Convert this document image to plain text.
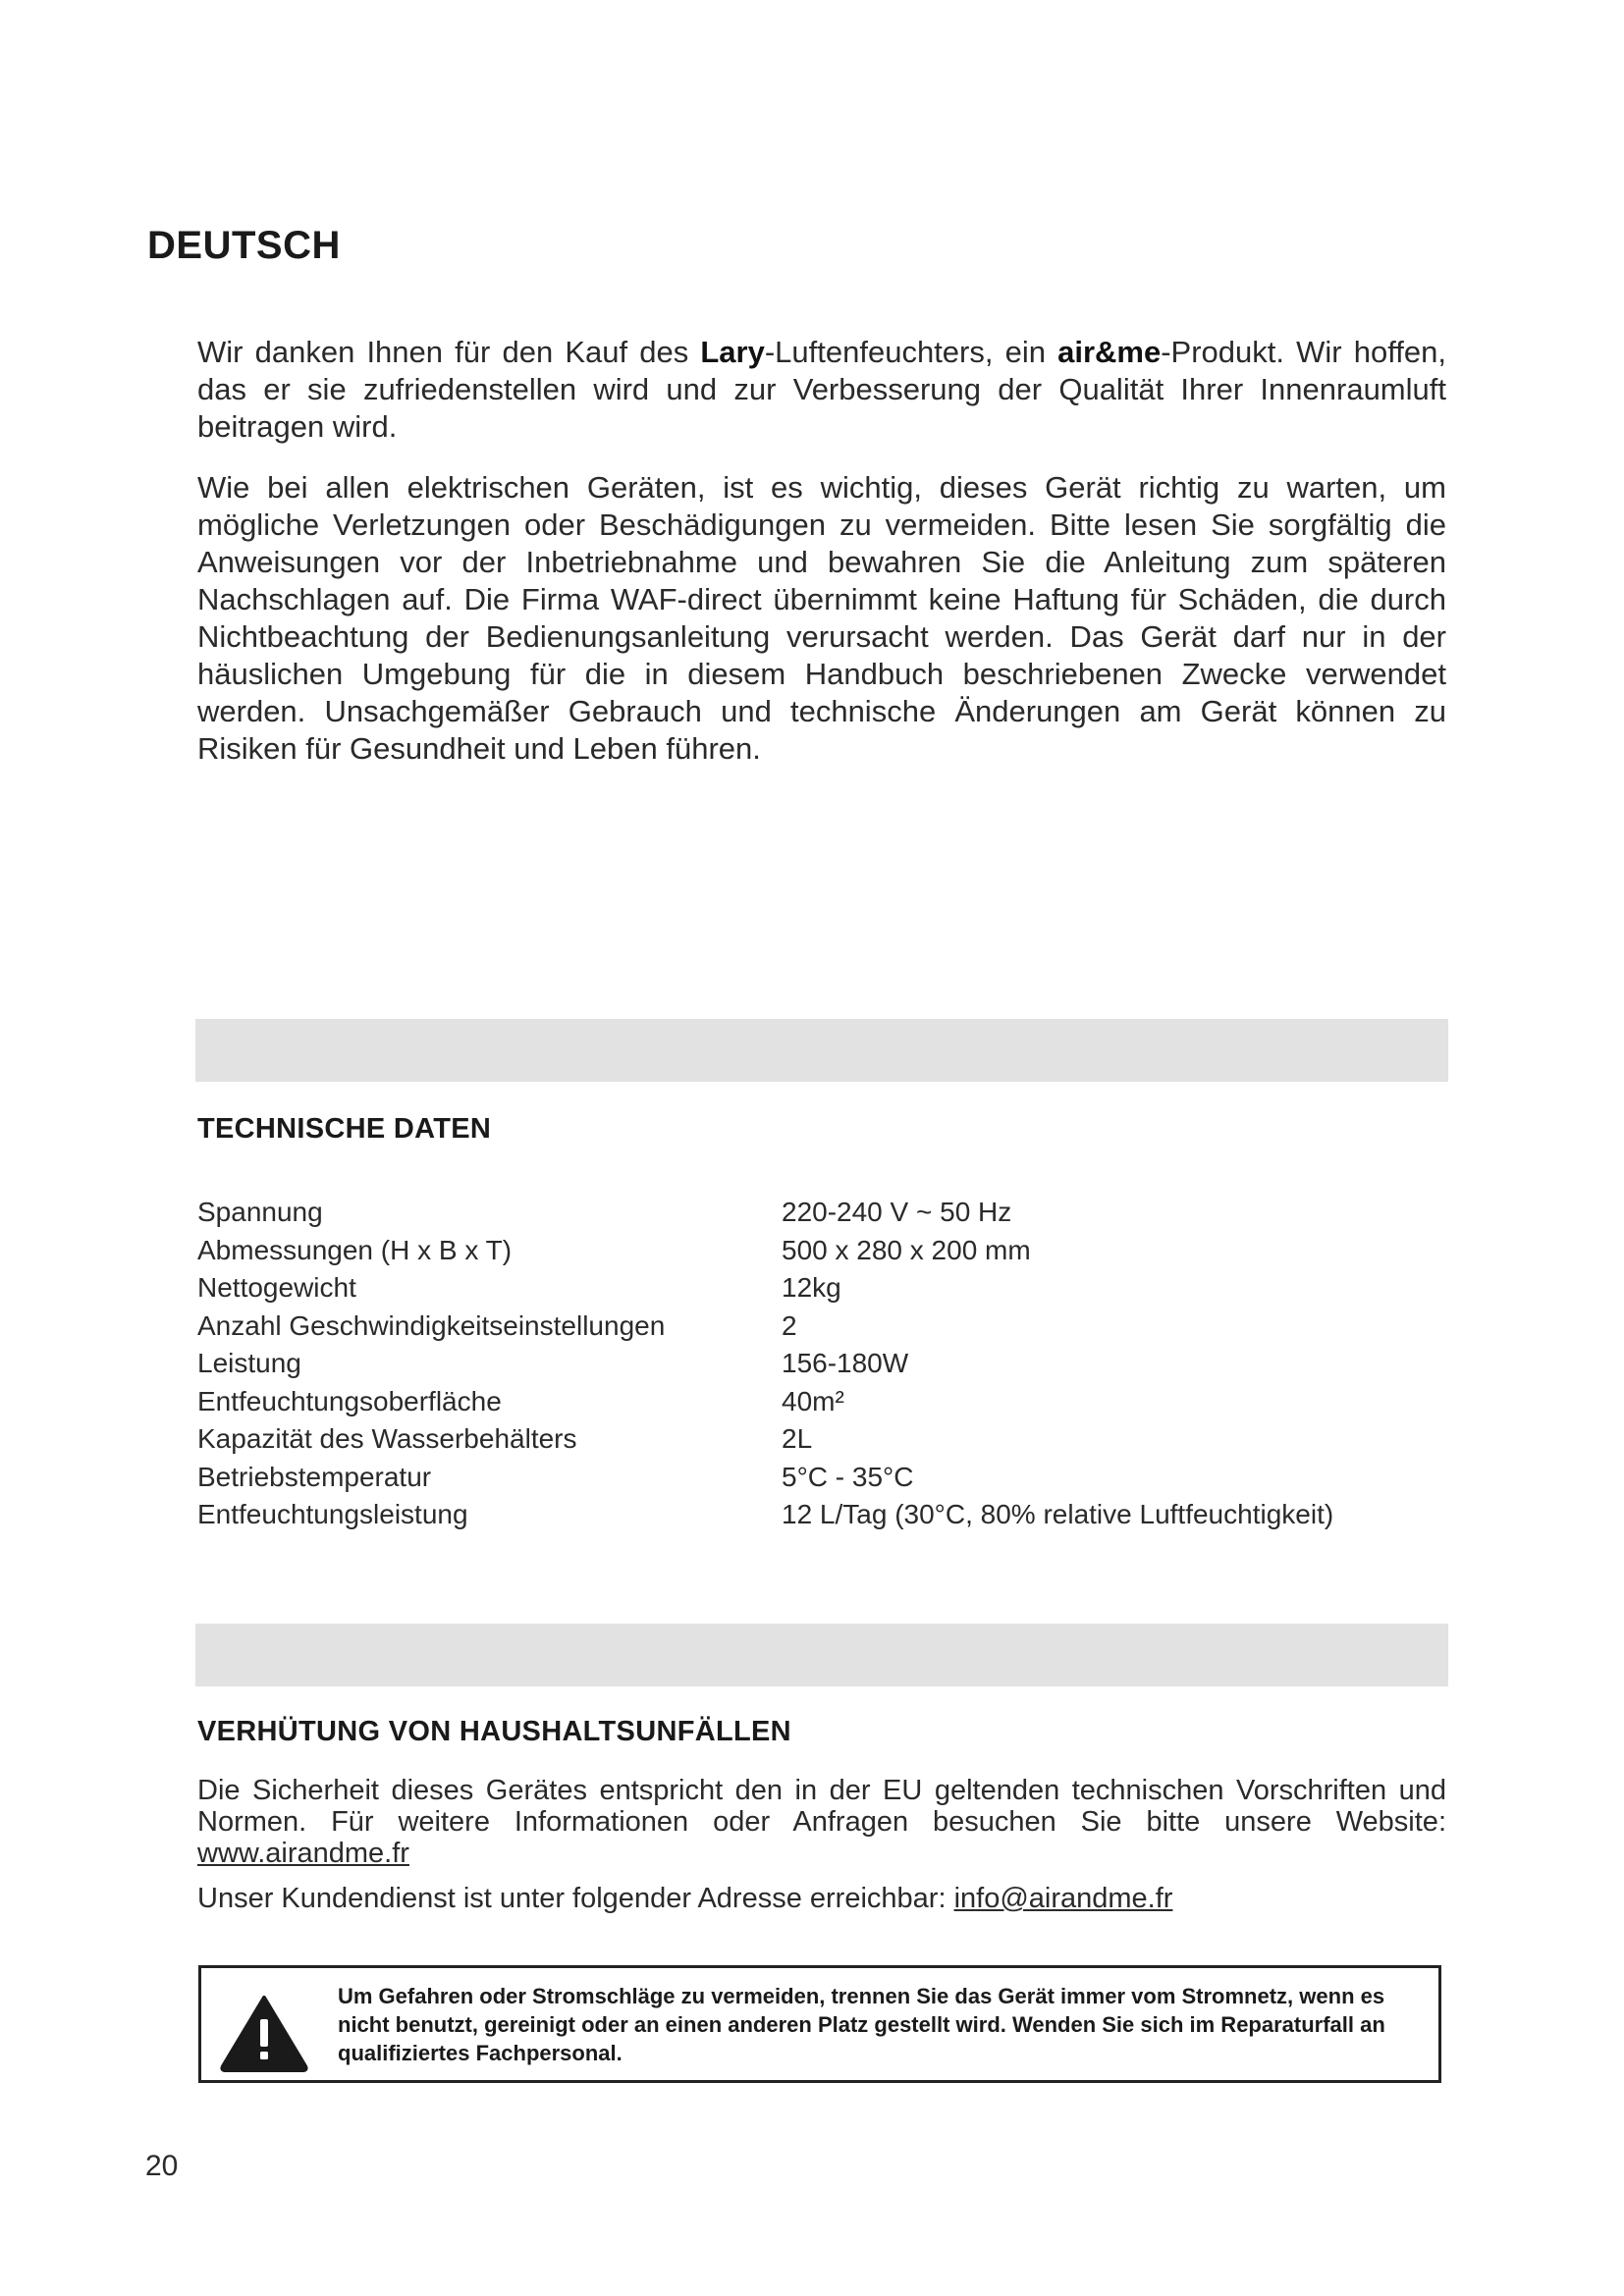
DEUTSCH

Wir danken Ihnen für den Kauf des Lary-Luftenfeuchters, ein air&me-Produkt. Wir hoffen, das er sie zufriedenstellen wird und zur Verbesserung der Qualität Ihrer Innenraumluft beitragen wird.

Wie bei allen elektrischen Geräten, ist es wichtig, dieses Gerät richtig zu warten, um mögliche Verletzungen oder Beschädigungen zu vermeiden. Bitte lesen Sie sorgfältig die Anweisungen vor der Inbetriebnahme und bewahren Sie die Anleitung zum späteren Nachschlagen auf. Die Firma WAF-direct übernimmt keine Haftung für Schäden, die durch Nichtbeachtung der Bedienungsanleitung verursacht werden. Das Gerät darf nur in der häuslichen Umgebung für die in diesem Handbuch beschriebenen Zwecke verwendet werden. Unsachgemäßer Gebrauch und technische Änderungen am Gerät können zu Risiken für Gesundheit und Leben führen.

TECHNISCHE DATEN
Spannung	220-240 V ~ 50 Hz
Abmessungen (H x B x T)	500 x 280 x 200 mm
Nettogewicht	12kg
Anzahl Geschwindigkeitseinstellungen	2
Leistung	156-180W
Entfeuchtungsoberfläche	40m²
Kapazität des Wasserbehälters	2L
Betriebstemperatur	5°C - 35°C
Entfeuchtungsleistung	12 L/Tag (30°C, 80% relative Luftfeuchtigkeit)
VERHÜTUNG VON HAUSHALTSUNFÄLLEN

Die Sicherheit dieses Gerätes entspricht den in der EU geltenden technischen Vorschriften und Normen. Für weitere Informationen oder Anfragen besuchen Sie bitte unsere Website: www.airandme.fr

Unser Kundendienst ist unter folgender Adresse erreichbar: info@airandme.fr

Um Gefahren oder Stromschläge zu vermeiden, trennen Sie das Gerät immer vom Stromnetz, wenn es nicht benutzt, gereinigt oder an einen anderen Platz gestellt wird. Wenden Sie sich im Reparaturfall an qualifiziertes Fachpersonal.

20
